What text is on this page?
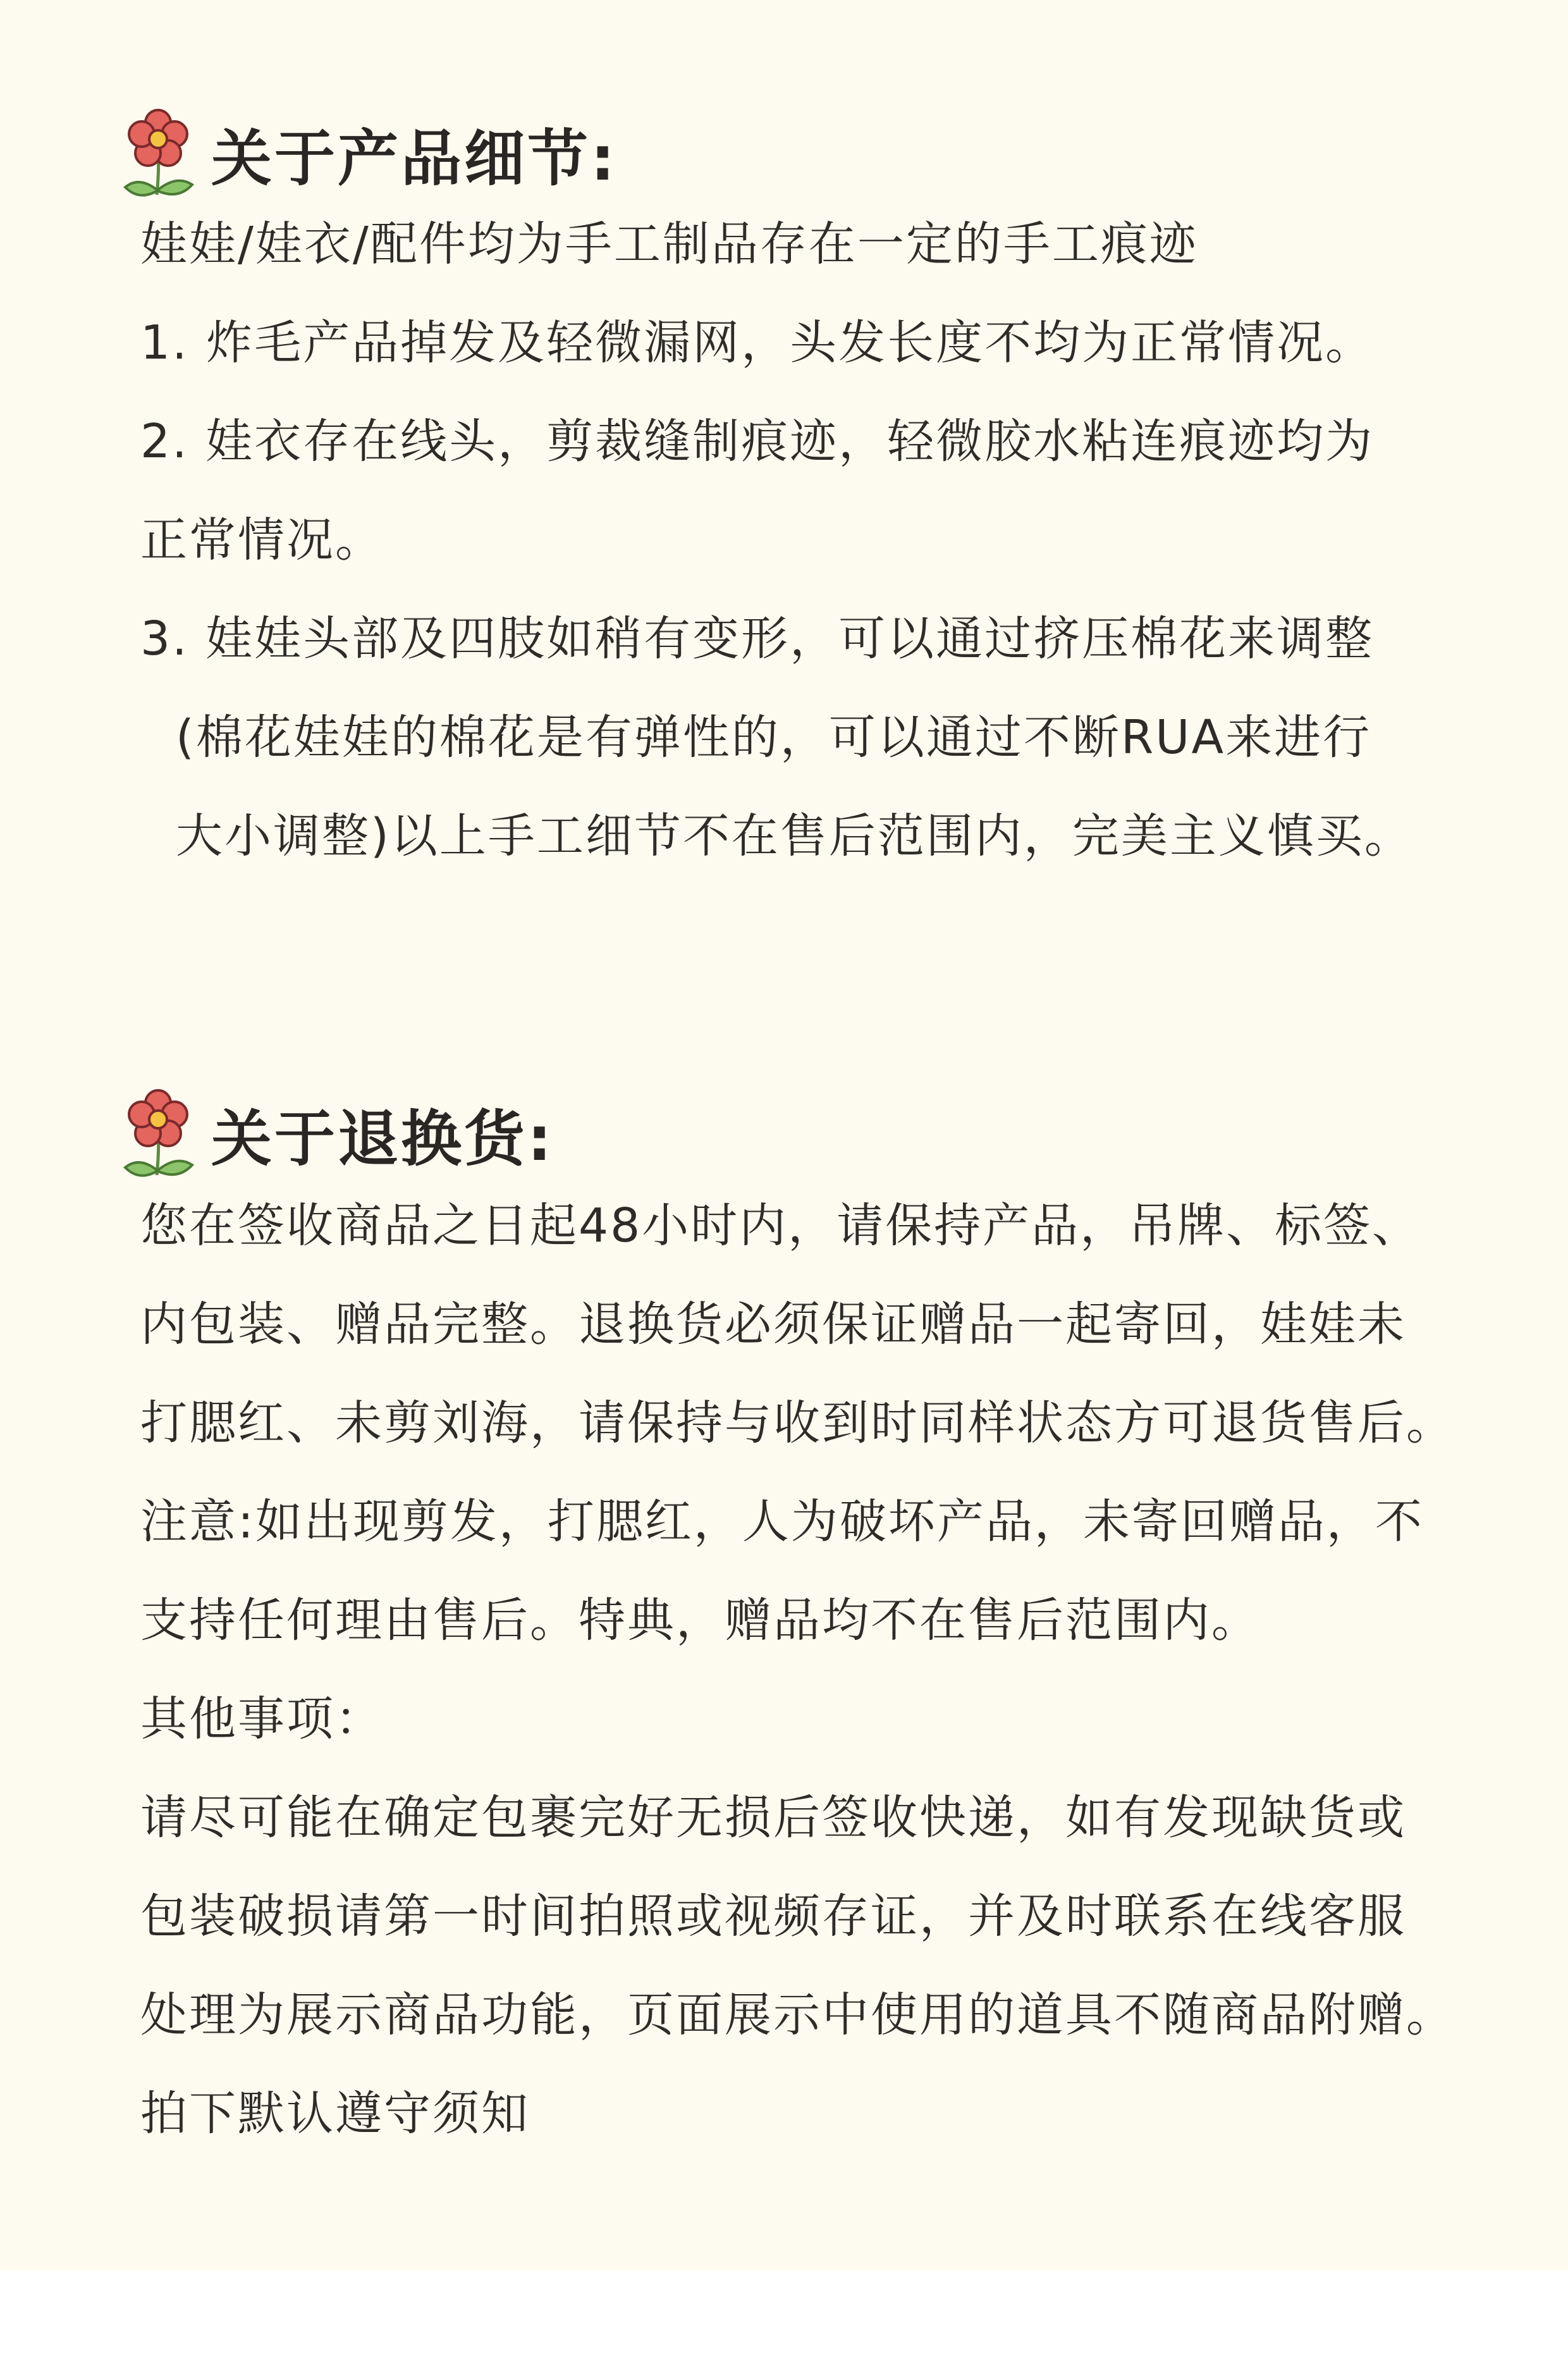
关于产品细节:
娃娃/娃衣/配件均为手工制品存在一定的手工痕迹
1. 炸毛产品掉发及轻微漏网，头发长度不均为正常情况。
2. 娃衣存在线头，剪裁缝制痕迹，轻微胶水粘连痕迹均为
正常情况。
3. 娃娃头部及四肢如稍有变形，可以通过挤压棉花来调整
(棉花娃娃的棉花是有弹性的，可以通过不断RUA来进行
大小调整)以上手工细节不在售后范围内，完美主义慎买。
关于退换货:
您在签收商品之日起48小时内，请保持产品，吊牌、标签、
内包装、赠品完整。退换货必须保证赠品一起寄回，娃娃未
打腮红、未剪刘海，请保持与收到时同样状态方可退货售后。
注意:如出现剪发，打腮红，人为破坏产品，未寄回赠品，不
支持任何理由售后。特典，赠品均不在售后范围内。
其他事项：
请尽可能在确定包裹完好无损后签收快递，如有发现缺货或
包装破损请第一时间拍照或视频存证，并及时联系在线客服
处理为展示商品功能，页面展示中使用的道具不随商品附赠。
拍下默认遵守须知
